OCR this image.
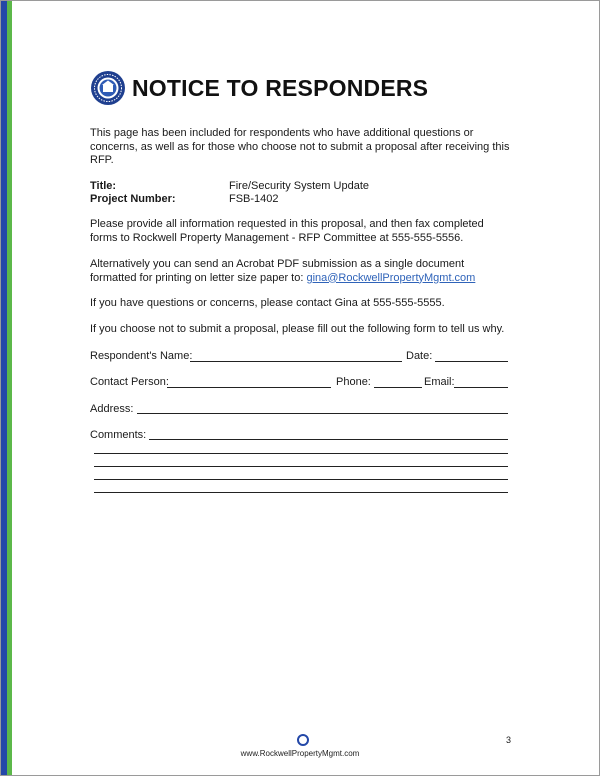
NOTICE TO RESPONDERS
This page has been included for respondents who have additional questions or concerns, as well as for those who choose not to submit a proposal after receiving this RFP.
Title:	Fire/Security System Update
Project Number:	FSB-1402
Please provide all information requested in this proposal, and then fax completed forms to Rockwell Property Management - RFP Committee at 555-555-5556.
Alternatively you can send an Acrobat PDF submission as a single document formatted for printing on letter size paper to: gina@RockwellPropertyMgmt.com
If you have questions or concerns, please contact Gina at 555-555-5555.
If you choose not to submit a proposal, please fill out the following form to tell us why.
Respondent's Name:	Date:
Contact Person:	Phone:	Email:
Address:
Comments:
3
www.RockwellPropertyMgmt.com
